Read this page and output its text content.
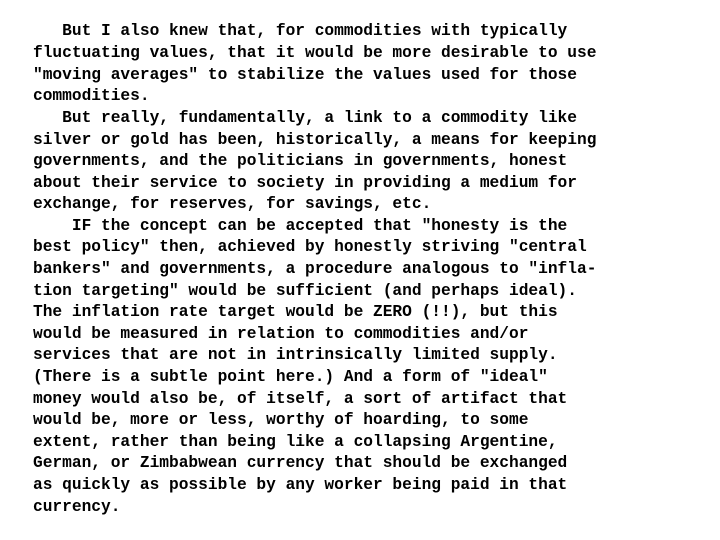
But I also knew that, for commodities with typically
fluctuating values, that it would be more desirable to use
"moving averages" to stabilize the values used for those
commodities.
But really, fundamentally, a link to a commodity like
silver or gold has been, historically, a means for keeping
governments, and the politicians in governments, honest
about their service to society in providing a medium for
exchange, for reserves, for savings, etc.
IF the concept can be accepted that "honesty is the
best policy" then, achieved by honestly striving "central
bankers" and governments, a procedure analogous to "infla-
tion targeting" would be sufficient (and perhaps ideal).
The inflation rate target would be ZERO (!!), but this
would be measured in relation to commodities and/or
services that are not in intrinsically limited supply.
(There is a subtle point here.) And a form of "ideal"
money would also be, of itself, a sort of artifact that
would be, more or less, worthy of hoarding, to some
extent, rather than being like a collapsing Argentine,
German, or Zimbabwean currency that should be exchanged
as quickly as possible by any worker being paid in that
currency.
